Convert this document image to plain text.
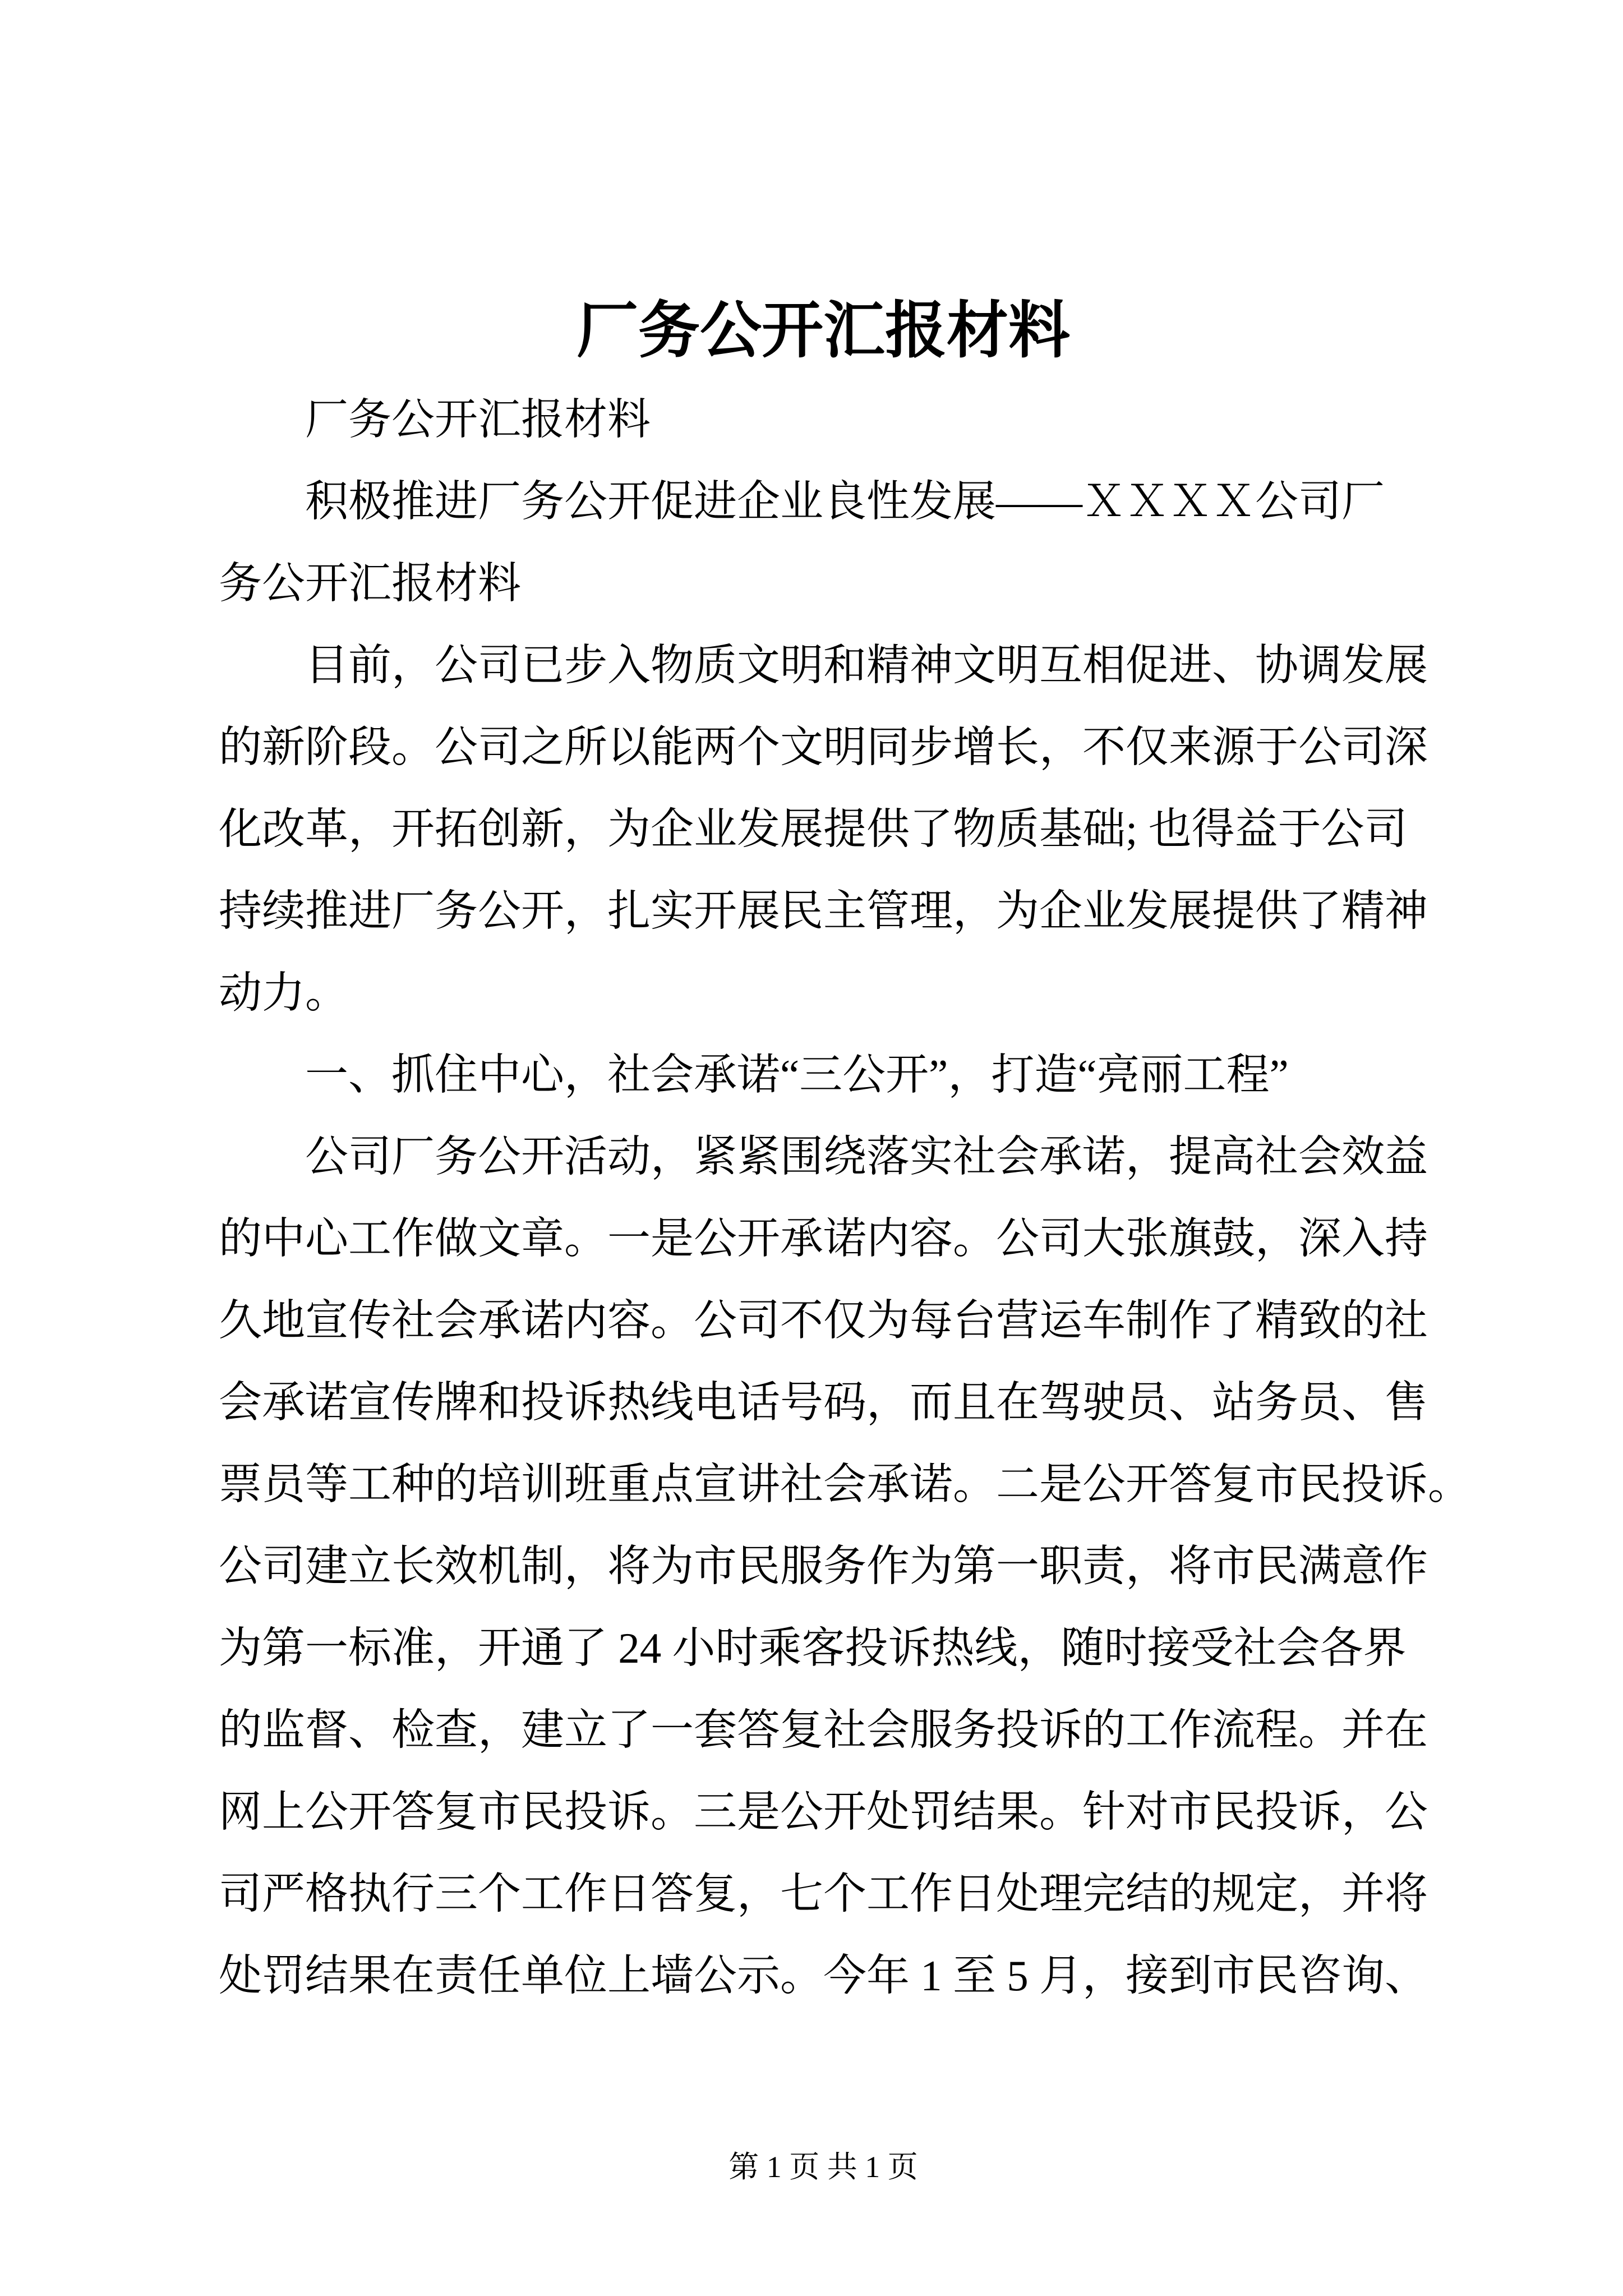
厂务公开汇报材料
　　厂务公开汇报材料
　　积极推进厂务公开促进企业良性发展——ＸＸＸＸ公司厂
务公开汇报材料
　　目前，公司已步入物质文明和精神文明互相促进、协调发展
的新阶段。公司之所以能两个文明同步增长，不仅来源于公司深
化改革，开拓创新，为企业发展提供了物质基础; 也得益于公司
持续推进厂务公开，扎实开展民主管理，为企业发展提供了精神
动力。
　　一、抓住中心，社会承诺“三公开”，打造“亮丽工程”
　　公司厂务公开活动，紧紧围绕落实社会承诺，提高社会效益
的中心工作做文章。一是公开承诺内容。公司大张旗鼓，深入持
久地宣传社会承诺内容。公司不仅为每台营运车制作了精致的社
会承诺宣传牌和投诉热线电话号码，而且在驾驶员、站务员、售
票员等工种的培训班重点宣讲社会承诺。二是公开答复市民投诉。
公司建立长效机制，将为市民服务作为第一职责，将市民满意作
为第一标准，开通了 24 小时乘客投诉热线，随时接受社会各界
的监督、检查，建立了一套答复社会服务投诉的工作流程。并在
网上公开答复市民投诉。三是公开处罚结果。针对市民投诉，公
司严格执行三个工作日答复，七个工作日处理完结的规定，并将
处罚结果在责任单位上墙公示。今年 1 至 5 月，接到市民咨询、
第 1 页 共 1 页
